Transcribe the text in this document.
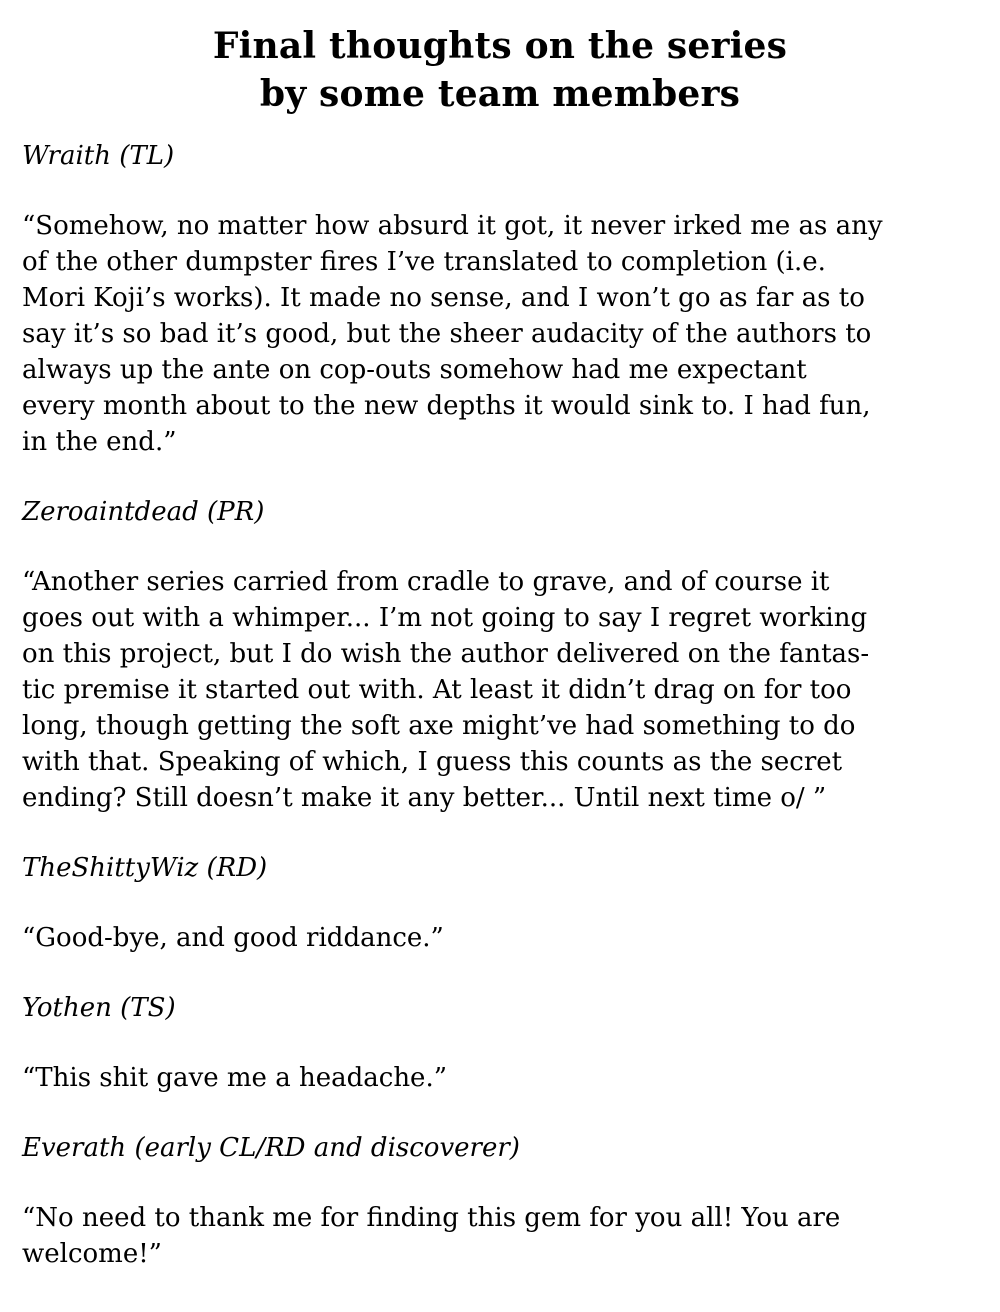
Final thoughts on the series
by some team members

Wraith (TL)

“Somehow, no matter how absurd it got, it never irked me as any
of the other dumpster fires I’ve translated to completion (i.e.
Mori Koji’s works). It made no sense, and I won’t go as far as to
say it’s so bad it’s good, but the sheer audacity of the authors to
always up the ante on cop-outs somehow had me expectant
every month about to the new depths it would sink to. I had fun,
in the end.”

Zeroaintdead (PR)

“Another series carried from cradle to grave, and of course it
goes out with a whimper... I’m not going to say I regret working
on this project, but I do wish the author delivered on the fantas-
tic premise it started out with. At least it didn’t drag on for too
long, though getting the soft axe might’ve had something to do
with that. Speaking of which, I guess this counts as the secret
ending? Still doesn’t make it any better... Until next time o/ ”

TheShittyWiz (RD)

“Good-bye, and good riddance.”

Yothen (TS)

“This shit gave me a headache.”

Everath (early CL/RD and discoverer)

“No need to thank me for finding this gem for you all! You are
welcome!”
